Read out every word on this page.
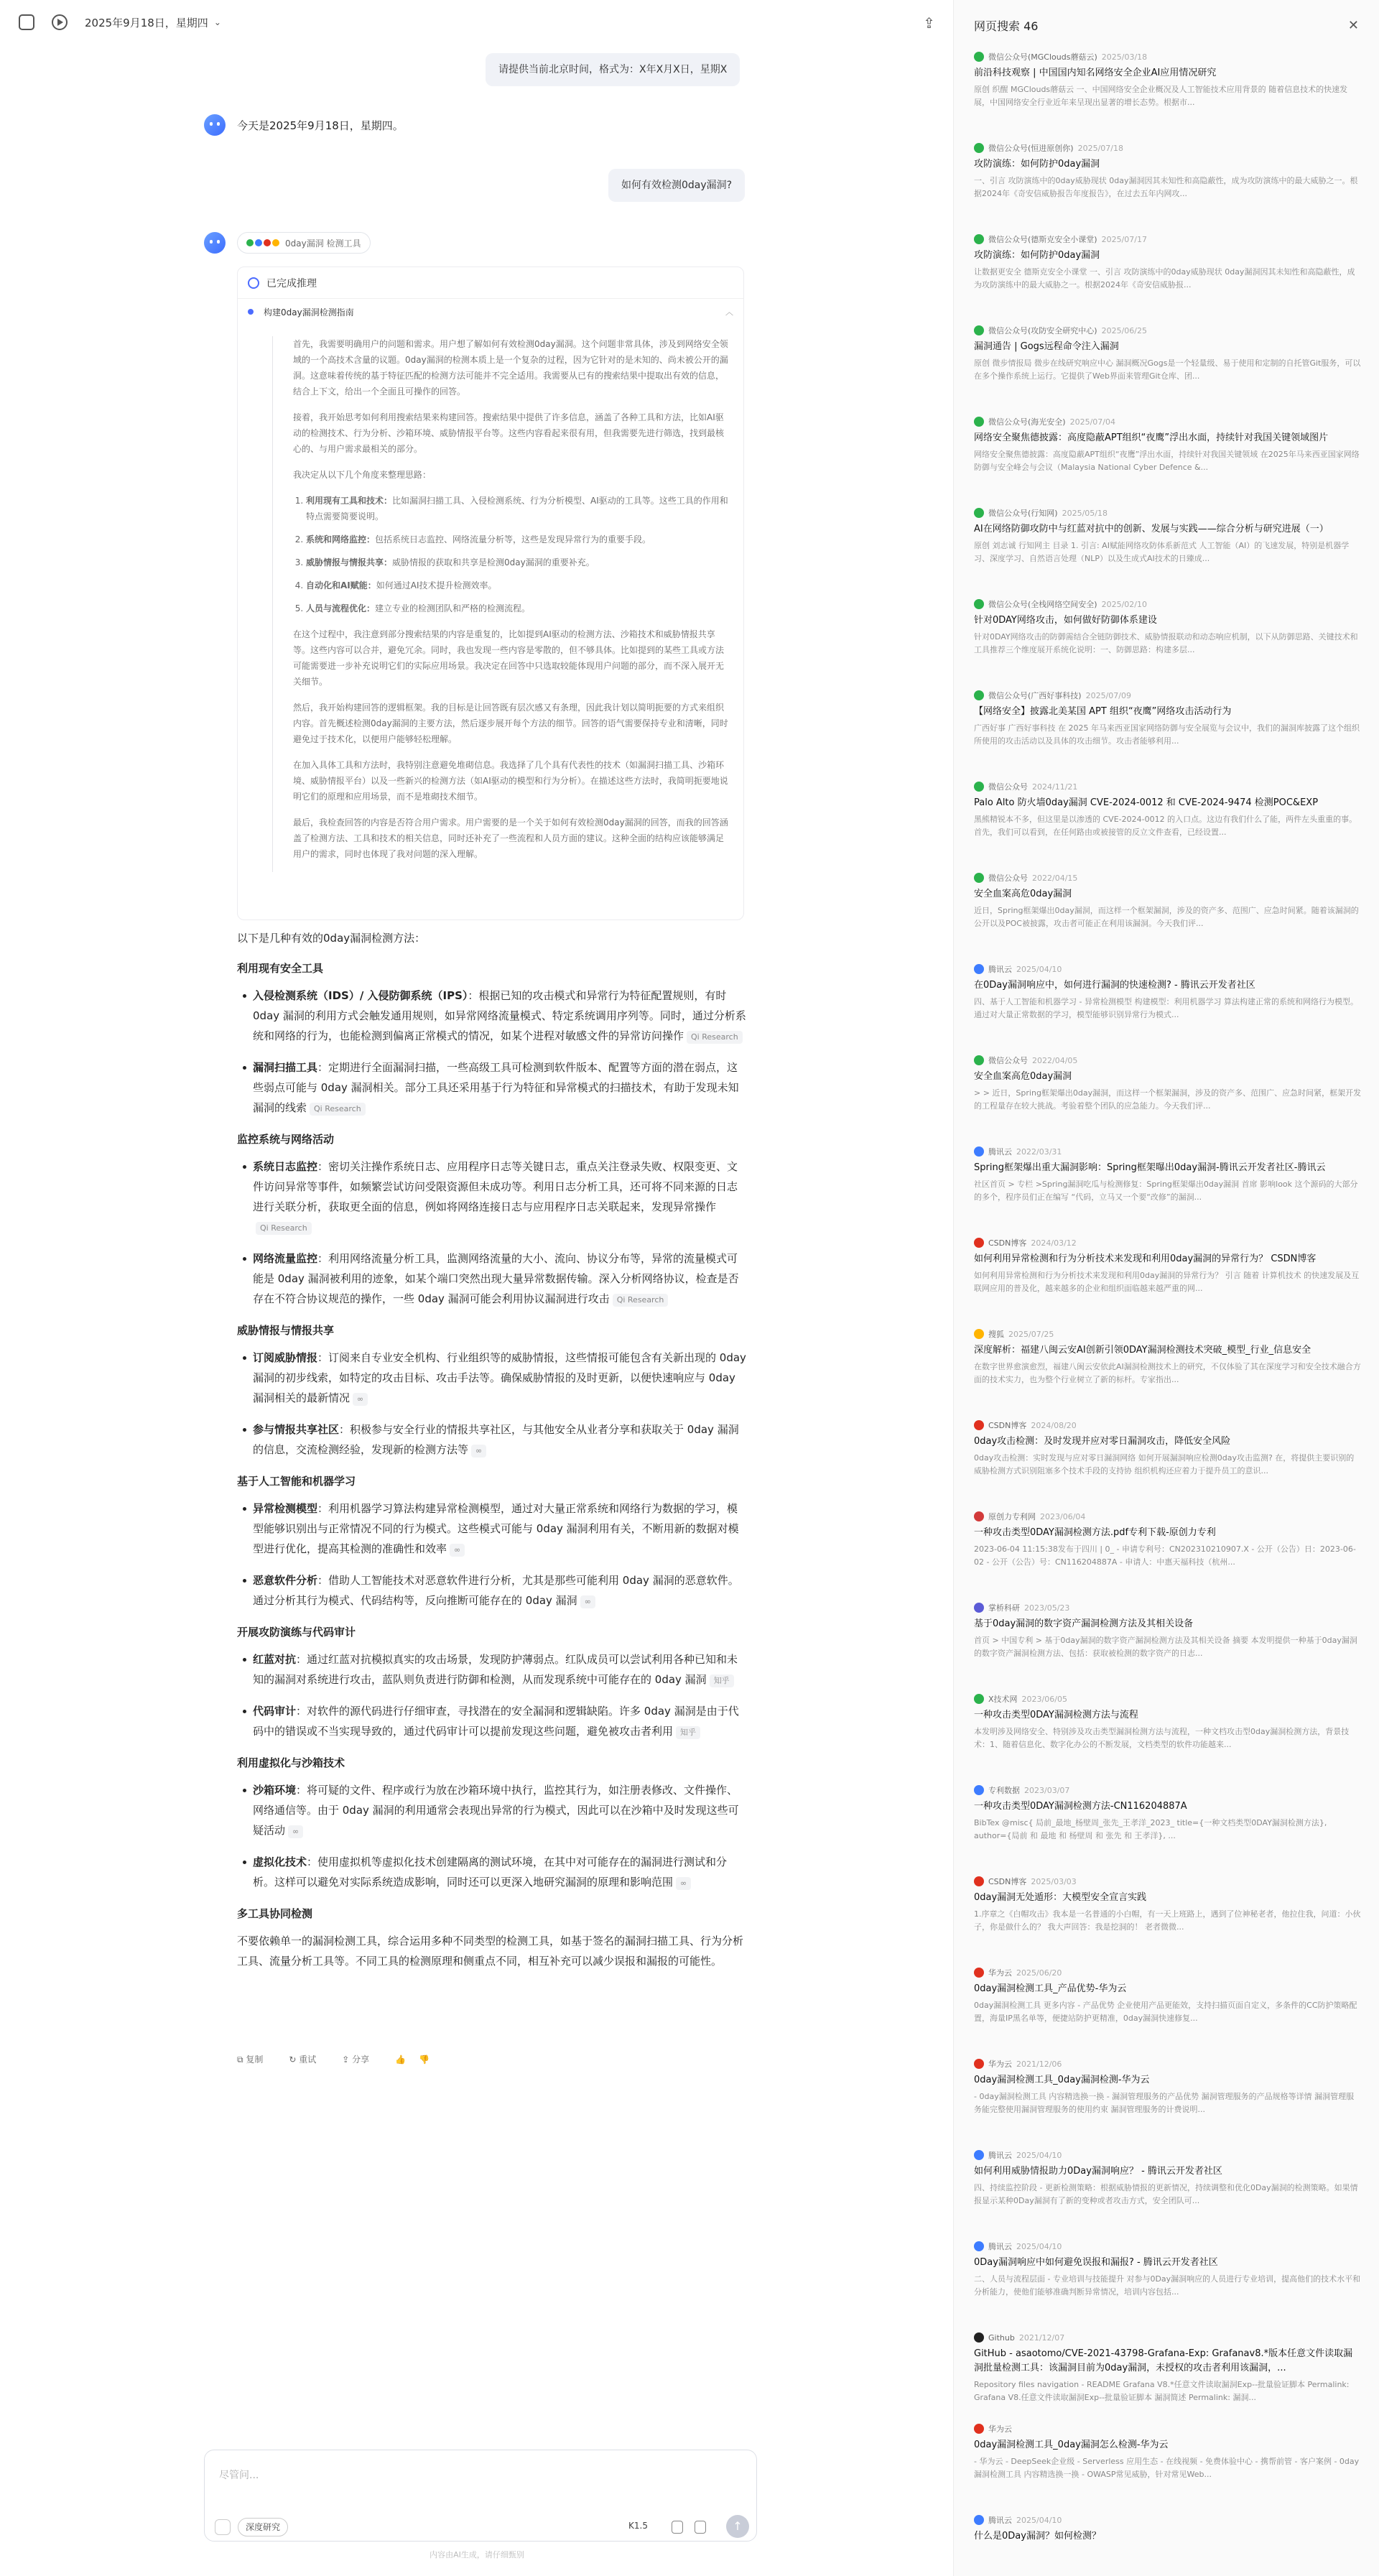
2025年9月18日，星期四 ⌄	⇪
请提供当前北京时间，格式为：X年X月X日，星期X
今天是2025年9月18日，星期四。
如何有效检测0day漏洞?
0day漏洞 检测工具
已完成推理
构建0day漏洞检测指南	︿

首先，我需要明确用户的问题和需求。用户想了解如何有效检测0day漏洞。这个问题非常具体，涉及到网络安全领域的一个高技术含量的议题。0day漏洞的检测本质上是一个复杂的过程，因为它针对的是未知的、尚未被公开的漏洞。这意味着传统的基于特征匹配的检测方法可能并不完全适用。我需要从已有的搜索结果中提取出有效的信息，结合上下文，给出一个全面且可操作的回答。

接着，我开始思考如何利用搜索结果来构建回答。搜索结果中提供了许多信息，涵盖了各种工具和方法，比如AI驱动的检测技术、行为分析、沙箱环境、威胁情报平台等。这些内容看起来很有用，但我需要先进行筛选，找到最核心的、与用户需求最相关的部分。

我决定从以下几个角度来整理思路：

1. 利用现有工具和技术：比如漏洞扫描工具、入侵检测系统、行为分析模型、AI驱动的工具等。这些工具的作用和特点需要简要说明。
2. 系统和网络监控：包括系统日志监控、网络流量分析等，这些是发现异常行为的重要手段。
3. 威胁情报与情报共享：威胁情报的获取和共享是检测0day漏洞的重要补充。
4. 自动化和AI赋能：如何通过AI技术提升检测效率。
5. 人员与流程优化：建立专业的检测团队和严格的检测流程。

在这个过程中，我注意到部分搜索结果的内容是重复的，比如提到AI驱动的检测方法、沙箱技术和威胁情报共享等。这些内容可以合并，避免冗余。同时，我也发现一些内容是零散的，但不够具体。比如提到的某些工具或方法可能需要进一步补充说明它们的实际应用场景。我决定在回答中只选取较能体现用户问题的部分，而不深入展开无关细节。

然后，我开始构建回答的逻辑框架。我的目标是让回答既有层次感又有条理，因此我计划以简明扼要的方式来组织内容。首先概述检测0day漏洞的主要方法，然后逐步展开每个方法的细节。回答的语气需要保持专业和清晰，同时避免过于技术化，以便用户能够轻松理解。

在加入具体工具和方法时，我特别注意避免堆砌信息。我选择了几个具有代表性的技术（如漏洞扫描工具、沙箱环境、威胁情报平台）以及一些新兴的检测方法（如AI驱动的模型和行为分析）。在描述这些方法时，我简明扼要地说明它们的原理和应用场景，而不是堆砌技术细节。

最后，我检查回答的内容是否符合用户需求。用户需要的是一个关于如何有效检测0day漏洞的回答，而我的回答涵盖了检测方法、工具和技术的相关信息，同时还补充了一些流程和人员方面的建议。这种全面的结构应该能够满足用户的需求，同时也体现了我对问题的深入理解。

以下是几种有效的0day漏洞检测方法：
利用现有安全工具
入侵检测系统（IDS）/ 入侵防御系统（IPS）：根据已知的攻击模式和异常行为特征配置规则，有时 0day 漏洞的利用方式会触发通用规则，如异常网络流量模式、特定系统调用序列等。同时，通过分析系统和网络的行为，也能检测到偏离正常模式的情况，如某个进程对敏感文件的异常访问操作 Qi Research
漏洞扫描工具：定期进行全面漏洞扫描，一些高级工具可检测到软件版本、配置等方面的潜在弱点，这些弱点可能与 0day 漏洞相关。部分工具还采用基于行为特征和异常模式的扫描技术，有助于发现未知漏洞的线索 Qi Research
监控系统与网络活动
系统日志监控：密切关注操作系统日志、应用程序日志等关键日志，重点关注登录失败、权限变更、文件访问异常等事件，如频繁尝试访问受限资源但未成功等。利用日志分析工具，还可将不同来源的日志进行关联分析，获取更全面的信息，例如将网络连接日志与应用程序日志关联起来，发现异常操作Qi Research
网络流量监控：利用网络流量分析工具，监测网络流量的大小、流向、协议分布等，异常的流量模式可能是 0day 漏洞被利用的迹象，如某个端口突然出现大量异常数据传输。深入分析网络协议，检查是否存在不符合协议规范的操作，一些 0day 漏洞可能会利用协议漏洞进行攻击 Qi Research
威胁情报与情报共享
订阅威胁情报：订阅来自专业安全机构、行业组织等的威胁情报，这些情报可能包含有关新出现的 0day 漏洞的初步线索，如特定的攻击目标、攻击手法等。确保威胁情报的及时更新，以便快速响应与 0day 漏洞相关的最新情况 ∞
参与情报共享社区：积极参与安全行业的情报共享社区，与其他安全从业者分享和获取关于 0day 漏洞的信息，交流检测经验，发现新的检测方法等 ∞
基于人工智能和机器学习
异常检测模型：利用机器学习算法构建异常检测模型，通过对大量正常系统和网络行为数据的学习，模型能够识别出与正常情况不同的行为模式。这些模式可能与 0day 漏洞利用有关，不断用新的数据对模型进行优化，提高其检测的准确性和效率 ∞
恶意软件分析：借助人工智能技术对恶意软件进行分析，尤其是那些可能利用 0day 漏洞的恶意软件。通过分析其行为模式、代码结构等，反向推断可能存在的 0day 漏洞 ∞
开展攻防演练与代码审计
红蓝对抗：通过红蓝对抗模拟真实的攻击场景，发现防护薄弱点。红队成员可以尝试利用各种已知和未知的漏洞对系统进行攻击，蓝队则负责进行防御和检测，从而发现系统中可能存在的 0day 漏洞 知乎
代码审计：对软件的源代码进行仔细审查，寻找潜在的安全漏洞和逻辑缺陷。许多 0day 漏洞是由于代码中的错误或不当实现导致的，通过代码审计可以提前发现这些问题，避免被攻击者利用 知乎
利用虚拟化与沙箱技术
沙箱环境：将可疑的文件、程序或行为放在沙箱环境中执行，监控其行为，如注册表修改、文件操作、网络通信等。由于 0day 漏洞的利用通常会表现出异常的行为模式，因此可以在沙箱中及时发现这些可疑活动 ∞
虚拟化技术：使用虚拟机等虚拟化技术创建隔离的测试环境，在其中对可能存在的漏洞进行测试和分析。这样可以避免对实际系统造成影响，同时还可以更深入地研究漏洞的原理和影响范围 ∞
多工具协同检测

不要依赖单一的漏洞检测工具，综合运用多种不同类型的检测工具，如基于签名的漏洞扫描工具、行为分析工具、流量分析工具等。不同工具的检测原理和侧重点不同，相互补充可以减少误报和漏报的可能性。

⧉ 复制	↻ 重试	⇪ 分享	👍 👎
尽管问...
深度研究	K1.5	↑
内容由AI生成，请仔细甄别
网页搜索 46	✕
微信公众号(MGClouds蘑菇云) 2025/03/18
前沿科技观察 | 中国国内知名网络安全企业AI应用情况研究
原创 织醒 MGClouds蘑菇云 一、中国网络安全企业概况及人工智能技术应用背景的 随着信息技术的快速发展，中国网络安全行业近年来呈现出显著的增长态势。根据市...
微信公众号(恒进原创你) 2025/07/18
攻防演练：如何防护0day漏洞
一、引言 攻防演练中的0day威胁现状 0day漏洞因其未知性和高隐蔽性，成为攻防演练中的最大威胁之一。根据2024年《奇安信威胁报告年度报告》，在过去五年内网攻...
微信公众号(德斯克安全小课堂) 2025/07/17
攻防演练：如何防护0day漏洞
让数据更安全 德斯克安全小课堂 一、引言 攻防演练中的0day威胁现状 0day漏洞因其未知性和高隐蔽性，成为攻防演练中的最大威胁之一。根据2024年《奇安信威胁报...
微信公众号(攻防安全研究中心) 2025/06/25
漏洞通告 | Gogs远程命令注入漏洞
原创 微步情报局 微步在线研究响应中心 漏洞概况Gogs是一个轻量级、易于使用和定制的自托管Git服务，可以在多个操作系统上运行。它提供了Web界面来管理Git仓库、团...
微信公众号(海光安全) 2025/07/04
网络安全聚焦德披露：高度隐蔽APT组织“夜鹰”浮出水面，持续针对我国关键领域图片
网络安全聚焦德披露：高度隐蔽APT组织“夜鹰”浮出水面，持续针对我国关键领域 在2025年马来西亚国家网络防御与安全峰会与会议（Malaysia National Cyber Defence &...
微信公众号(行知网) 2025/05/18
AI在网络防御攻防中与红蓝对抗中的创新、发展与实践——综合分析与研究进展（一）
原创 刘志诚 行知网主 目录 1. 引言: AI赋能网络攻防体系新范式 人工智能（AI）的飞速发展，特别是机器学习、深度学习、自然语言处理（NLP）以及生成式AI技术的日臻成...
微信公众号(全栈网络空间安全) 2025/02/10
针对0DAY网络攻击，如何做好防御体系建设
针对0DAY网络攻击的防御需结合全链防御技术、威胁情报联动和动态响应机制，以下从防御思路、关键技术和工具推荐三个维度展开系统化说明：一、防御思路：构建多层...
微信公众号(广西好事科技) 2025/07/09
【网络安全】披露北美某国 APT 组织“夜鹰”网络攻击活动行为
广西好事 广西好事科技 在 2025 年马来西亚国家网络防御与安全展览与会议中，我们的漏洞库披露了这个组织所使用的攻击活动以及具体的攻击细节。攻击者能够利用...
微信公众号 2024/11/21
Palo Alto 防火墙0day漏洞 CVE-2024-0012 和 CVE-2024-9474 检测POC&EXP
黑熊精锐本不多，但这里是以渗透的 CVE-2024-0012 的入口点。这边有我们什么了能，两件左头重重的事。首先，我们可以看到，在任何路由或被接管的反立文件查看，已经设置...
微信公众号 2022/04/15
安全血案高危0day漏洞
近日，Spring框架爆出0day漏洞，而这样一个框架漏洞，涉及的资产多、范围广、应急时间紧。随着该漏洞的公开以及POC被披露，攻击者可能正在利用该漏洞。今天我们评...
腾讯云 2025/04/10
在0Day漏洞响应中，如何进行漏洞的快速检测? - 腾讯云开发者社区
四、基于人工智能和机器学习 - 异常检测模型 构建模型：利用机器学习 算法构建正常的系统和网络行为模型。通过对大量正常数据的学习，模型能够识别异常行为模式...
微信公众号 2022/04/05
安全血案高危0day漏洞
> > 近日，Spring框架爆出0day漏洞，而这样一个框架漏洞，涉及的资产多、范围广、应急时间紧，框架开发的工程量存在较大挑战。考验着整个团队的应急能力。今天我们评...
腾讯云 2022/03/31
Spring框架爆出重大漏洞影响：Spring框架曝出0day漏洞-腾讯云开发者社区-腾讯云
社区首页 > 专栏 >Spring漏洞吃瓜与检测修复：Spring框架爆出0day漏洞 首席 影响look 这个源码的大部分的多个，程序员们正在编写 “代码，立马又一个要“改修”的漏洞...
CSDN博客 2024/03/12
如何利用异常检测和行为分析技术来发现和利用0day漏洞的异常行为？ CSDN博客
如何利用异常检测和行为分析技术来发现和利用0day漏洞的异常行为？ 引言 随着 计算机技术 的快速发展及互联网应用的普及化，越来越多的企业和组织面临越来越严重的网...
搜狐 2025/07/25
深度解析：福建八闽云安AI创新引领0DAY漏洞检测技术突破_模型_行业_信息安全
在数字世界愈演愈烈，福建八闽云安依此AI漏洞检测技术上的研究，不仅体验了其在深度学习和安全技术融合方面的技术实力，也为整个行业树立了新的标杆。专家指出...
CSDN博客 2024/08/20
0day攻击检测：及时发现并应对零日漏洞攻击，降低安全风险
0day攻击检测：实时发现与应对零日漏洞网络 如何开展漏洞响应检测0day攻击监测? 在，将提供主要识别的 威胁检测方式识别阻塞多个技术手段的支持协 组织机构还应着力于提升员工的意识...
原创力专利网 2023/06/04
一种攻击类型0DAY漏洞检测方法.pdf专利下载-原创力专利
2023-06-04 11:15:38发布于四川 | 0_ - 申请专利号：CN202310210907.X - 公开（公告）日：2023-06-02 - 公开（公告）号：CN116204887A - 申请人：中惠天福科技（杭州...
掌桥科研 2023/05/23
基于0day漏洞的数字资产漏洞检测方法及其相关设备
首页 > 中国专利 > 基于0day漏洞的数字资产漏洞检测方法及其相关设备 摘要 本发明提供一种基于0day漏洞的数字资产漏洞检测方法、包括：获取被检测的数字资产的日志...
X技术网 2023/06/05
一种攻击类型0DAY漏洞检测方法与流程
本发明涉及网络安全、特别涉及攻击类型漏洞检测方法与流程，一种文档攻击型0day漏洞检测方法，背景技术：1、随着信息化、数字化办公的不断发展，文档类型的软件功能越来...
专利数据 2023/03/07
一种攻击类型0DAY漏洞检测方法-CN116204887A
BibTex @misc{ 局前_最地_杨壁周_张先_王孝洋_2023_ title={一种文档类型0DAY漏洞检测方法}, author={局前 和 最地 和 杨壁周 和 张先 和 王孝洋}, ...
CSDN博客 2025/03/03
0day漏洞无处遁形：大模型安全宣言实践
1.序章之《白帽攻击》我本是一名普通的小白帽，有一天上班路上，遇到了位神秘老者，他拉住我，问道：小伙子，你是做什么的？ 我大声回答：我是挖洞的！ 老者微微...
华为云 2025/06/20
0day漏洞检测工具_产品优势-华为云
0day漏洞检测工具 更多内容 - 产品优势 企业使用产品更能效，支持扫描页面自定义，多条件的CC防护策略配置，海量IP黑名单等，便捷站防护更精准，0day漏洞快速修复...
华为云 2021/12/06
0day漏洞检测工具_0day漏洞检测-华为云
- 0day漏洞检测工具 内容精选换一换 - 漏洞管理服务的产品优势 漏洞管理服务的产品规格等详情 漏洞管理服务能完整使用漏洞管理服务的使用约束 漏洞管理服务的计费说明...
腾讯云 2025/04/10
如何利用威胁情报助力0Day漏洞响应？ - 腾讯云开发者社区
四、持续监控阶段 - 更新检测策略：根据威胁情报的更新情况，持续调整和优化0Day漏洞的检测策略。如果情报显示某种0Day漏洞有了新的变种或者攻击方式，安全团队可...
腾讯云 2025/04/10
0Day漏洞响应中如何避免误报和漏报? - 腾讯云开发者社区
二、人员与流程层面 - 专业培训与技能提升 对参与0Day漏洞响应的人员进行专业培训，提高他们的技术水平和分析能力，使他们能够准确判断异常情况，培训内容包括...
Github 2021/12/07
GitHub - asaotomo/CVE-2021-43798-Grafana-Exp: Grafanav8.*版本任意文件读取漏洞批量检测工具：该漏洞目前为0day漏洞，未授权的攻击者利用该漏洞，...
Repository files navigation - README Grafana V8.*任意文件读取漏洞Exp--批量验证脚本 Permalink: Grafana V8.任意文件读取漏洞Exp--批量验证脚本 漏洞简述 Permalink: 漏洞...
华为云
0day漏洞检测工具_0day漏洞怎么检测-华为云
- 华为云 - DeepSeek企业级 - Serverless 应用生态 - 在线视频 - 免费体验中心 - 携帮前管 - 客户案例 - 0day漏洞检测工具 内容精选换一换 - OWASP常见威胁，针对常见Web...
腾讯云 2025/04/10
什么是0Day漏洞？如何检测？
